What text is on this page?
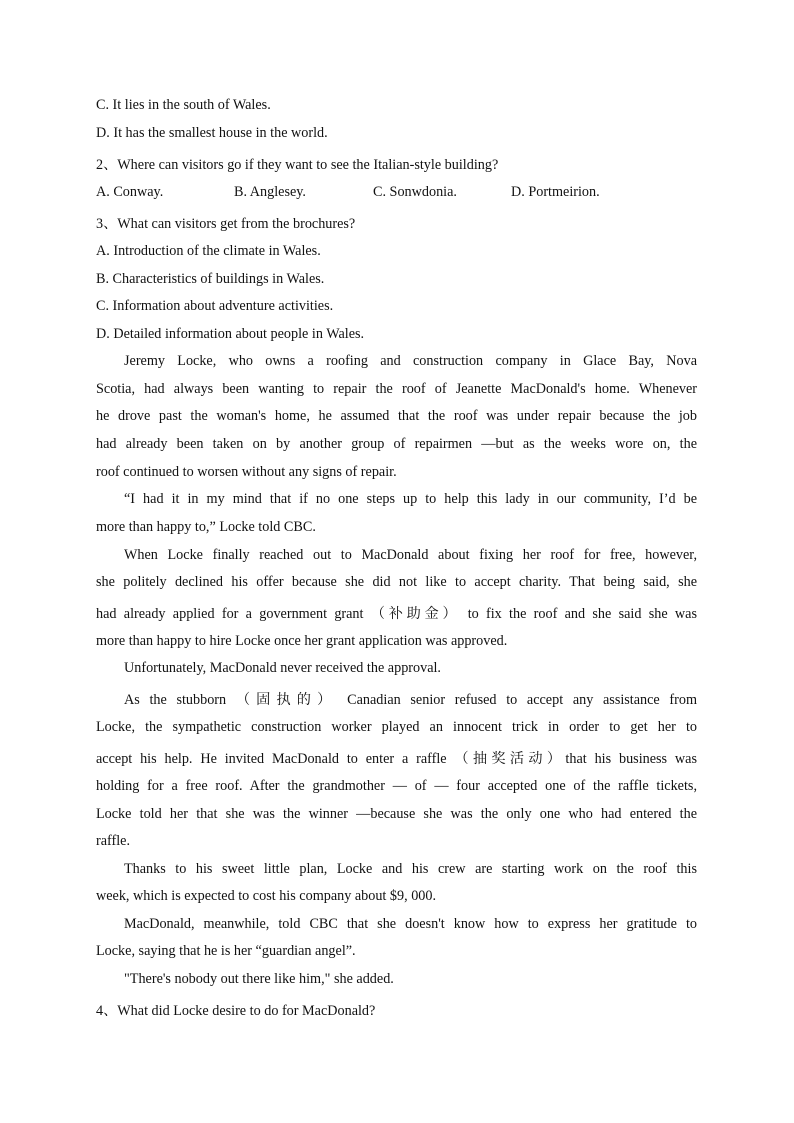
C. It lies in the south of Wales.
D. It has the smallest house in the world.
2、Where can visitors go if they want to see the Italian-style building?
A. Conway.	B. Anglesey.	C. Sonwdonia.	D. Portmeirion.
3、What can visitors get from the brochures?
A. Introduction of the climate in Wales.
B. Characteristics of buildings in Wales.
C. Information about adventure activities.
D. Detailed information about people in Wales.
Jeremy Locke, who owns a roofing and construction company in Glace Bay, Nova
Scotia, had always been wanting to repair the roof of Jeanette MacDonald's home. Whenever
he drove past the woman's home, he assumed that the roof was under repair because the job
had already been taken on by another group of repairmen —but as the weeks wore on, the
roof continued to worsen without any signs of repair.
“I had it in my mind that if no one steps up to help this lady in our community, I’d be
more than happy to,” Locke told CBC.
When Locke finally reached out to MacDonald about fixing her roof for free, however,
she politely declined his offer because she did not like to accept charity. That being said, she
had already applied for a government grant （补助金） to fix the roof and she said she was
more than happy to hire Locke once her grant application was approved.
Unfortunately, MacDonald never received the approval.
As the stubborn （固执的） Canadian senior refused to accept any assistance from
Locke, the sympathetic construction worker played an innocent trick in order to get her to
accept his help. He invited MacDonald to enter a raffle （抽奖活动）that his business was
holding for a free roof. After the grandmother — of — four accepted one of the raffle tickets,
Locke told her that she was the winner —because she was the only one who had entered the
raffle.
Thanks to his sweet little plan, Locke and his crew are starting work on the roof this
week, which is expected to cost his company about $9, 000.
MacDonald, meanwhile, told CBC that she doesn't know how to express her gratitude to
Locke, saying that he is her “guardian angel”.
"There's nobody out there like him," she added.
4、What did Locke desire to do for MacDonald?
